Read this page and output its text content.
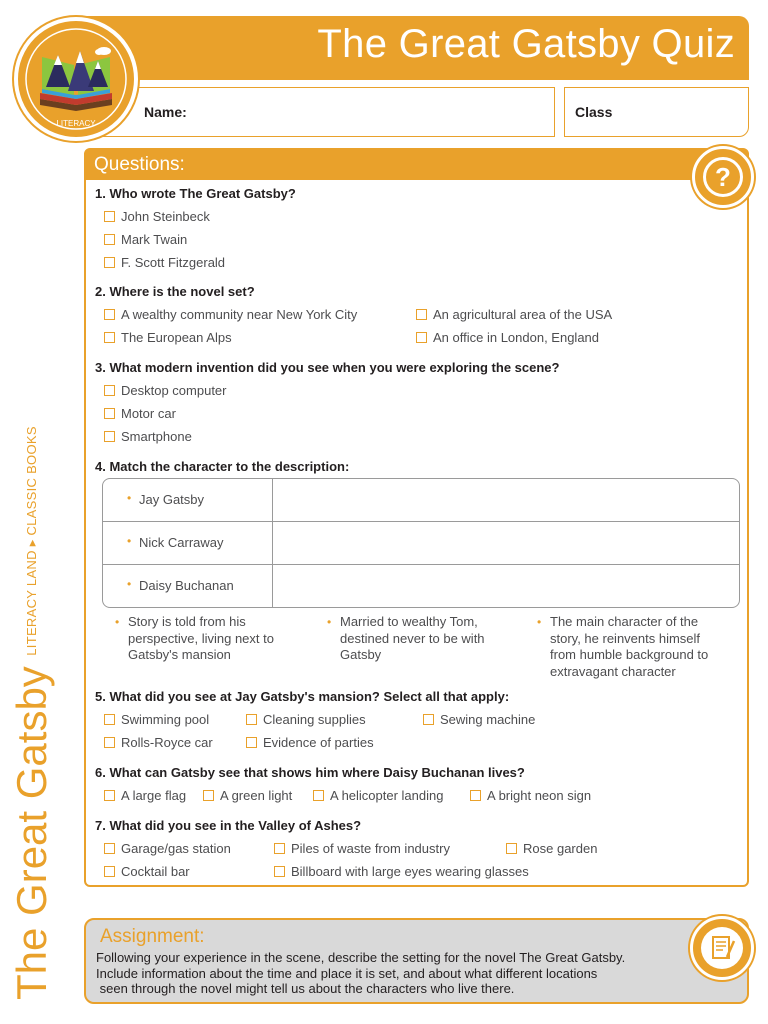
The Great Gatsby Quiz
Name:	Class
LITERACY
The Great Gatsby LITERACY LAND ▸ CLASSIC BOOKS
Questions:	?
1. Who wrote The Great Gatsby?
John Steinbeck
Mark Twain
F. Scott Fitzgerald
2. Where is the novel set?
A wealthy community near New York City	An agricultural area of the USA
The European Alps	An office in London, England
3. What modern invention did you see when you were exploring the scene?
Desktop computer
Motor car
Smartphone
4. Match the character to the description:
• Jay Gatsby
• Nick Carraway
• Daisy Buchanan
• Story is told from his
perspective, living next to
Gatsby's mansion
• Married to wealthy Tom,
destined never to be with
Gatsby
• The main character of the
story, he reinvents himself
from humble background to
extravagant character
5. What did you see at Jay Gatsby's mansion? Select all that apply:
Swimming pool	Cleaning supplies	Sewing machine
Rolls-Royce car	Evidence of parties
6. What can Gatsby see that shows him where Daisy Buchanan lives?
A large flag	A green light	A helicopter landing	A bright neon sign
7. What did you see in the Valley of Ashes?
Garage/gas station	Piles of waste from industry	Rose garden
Cocktail bar	Billboard with large eyes wearing glasses
Assignment:
Following your experience in the scene, describe the setting for the novel The Great Gatsby.
Include information about the time and place it is set, and about what different locations
seen through the novel might tell us about the characters who live there.
